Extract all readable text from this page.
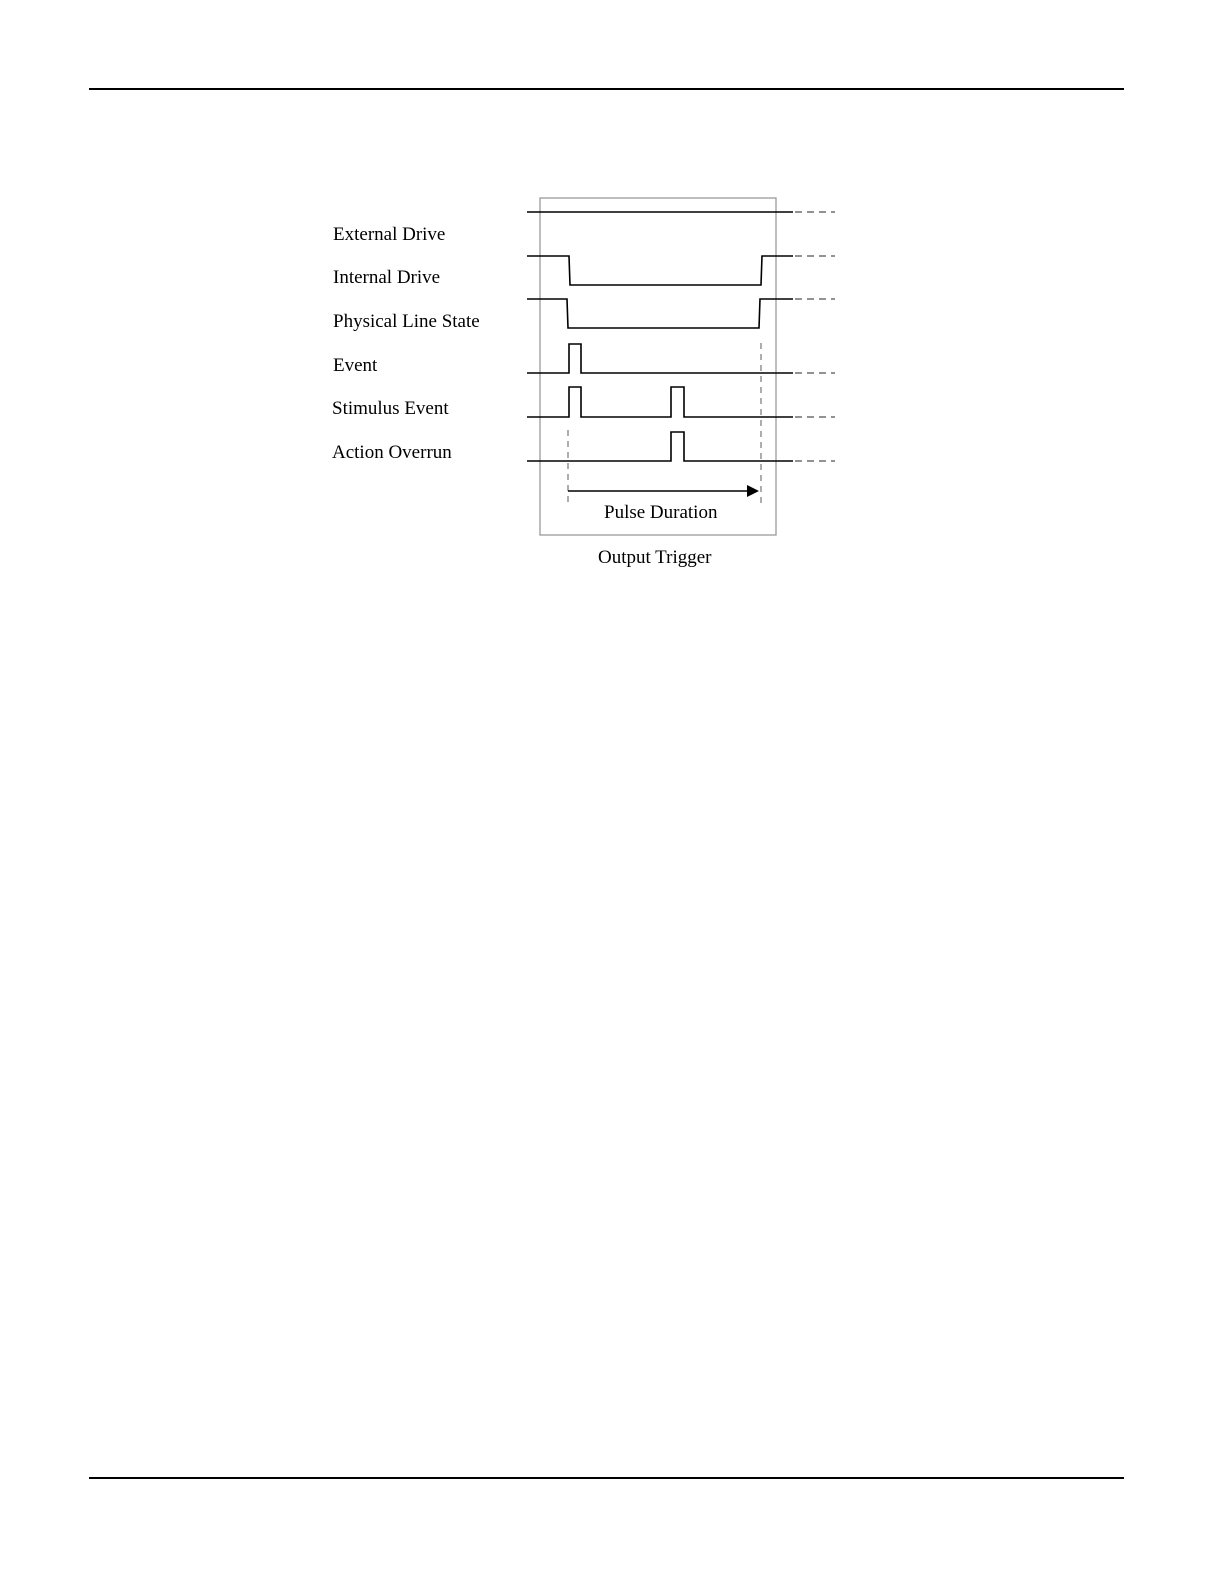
External Drive
Internal Drive
Physical Line State
Event
Stimulus Event
Action Overrun
Pulse Duration
Output Trigger
